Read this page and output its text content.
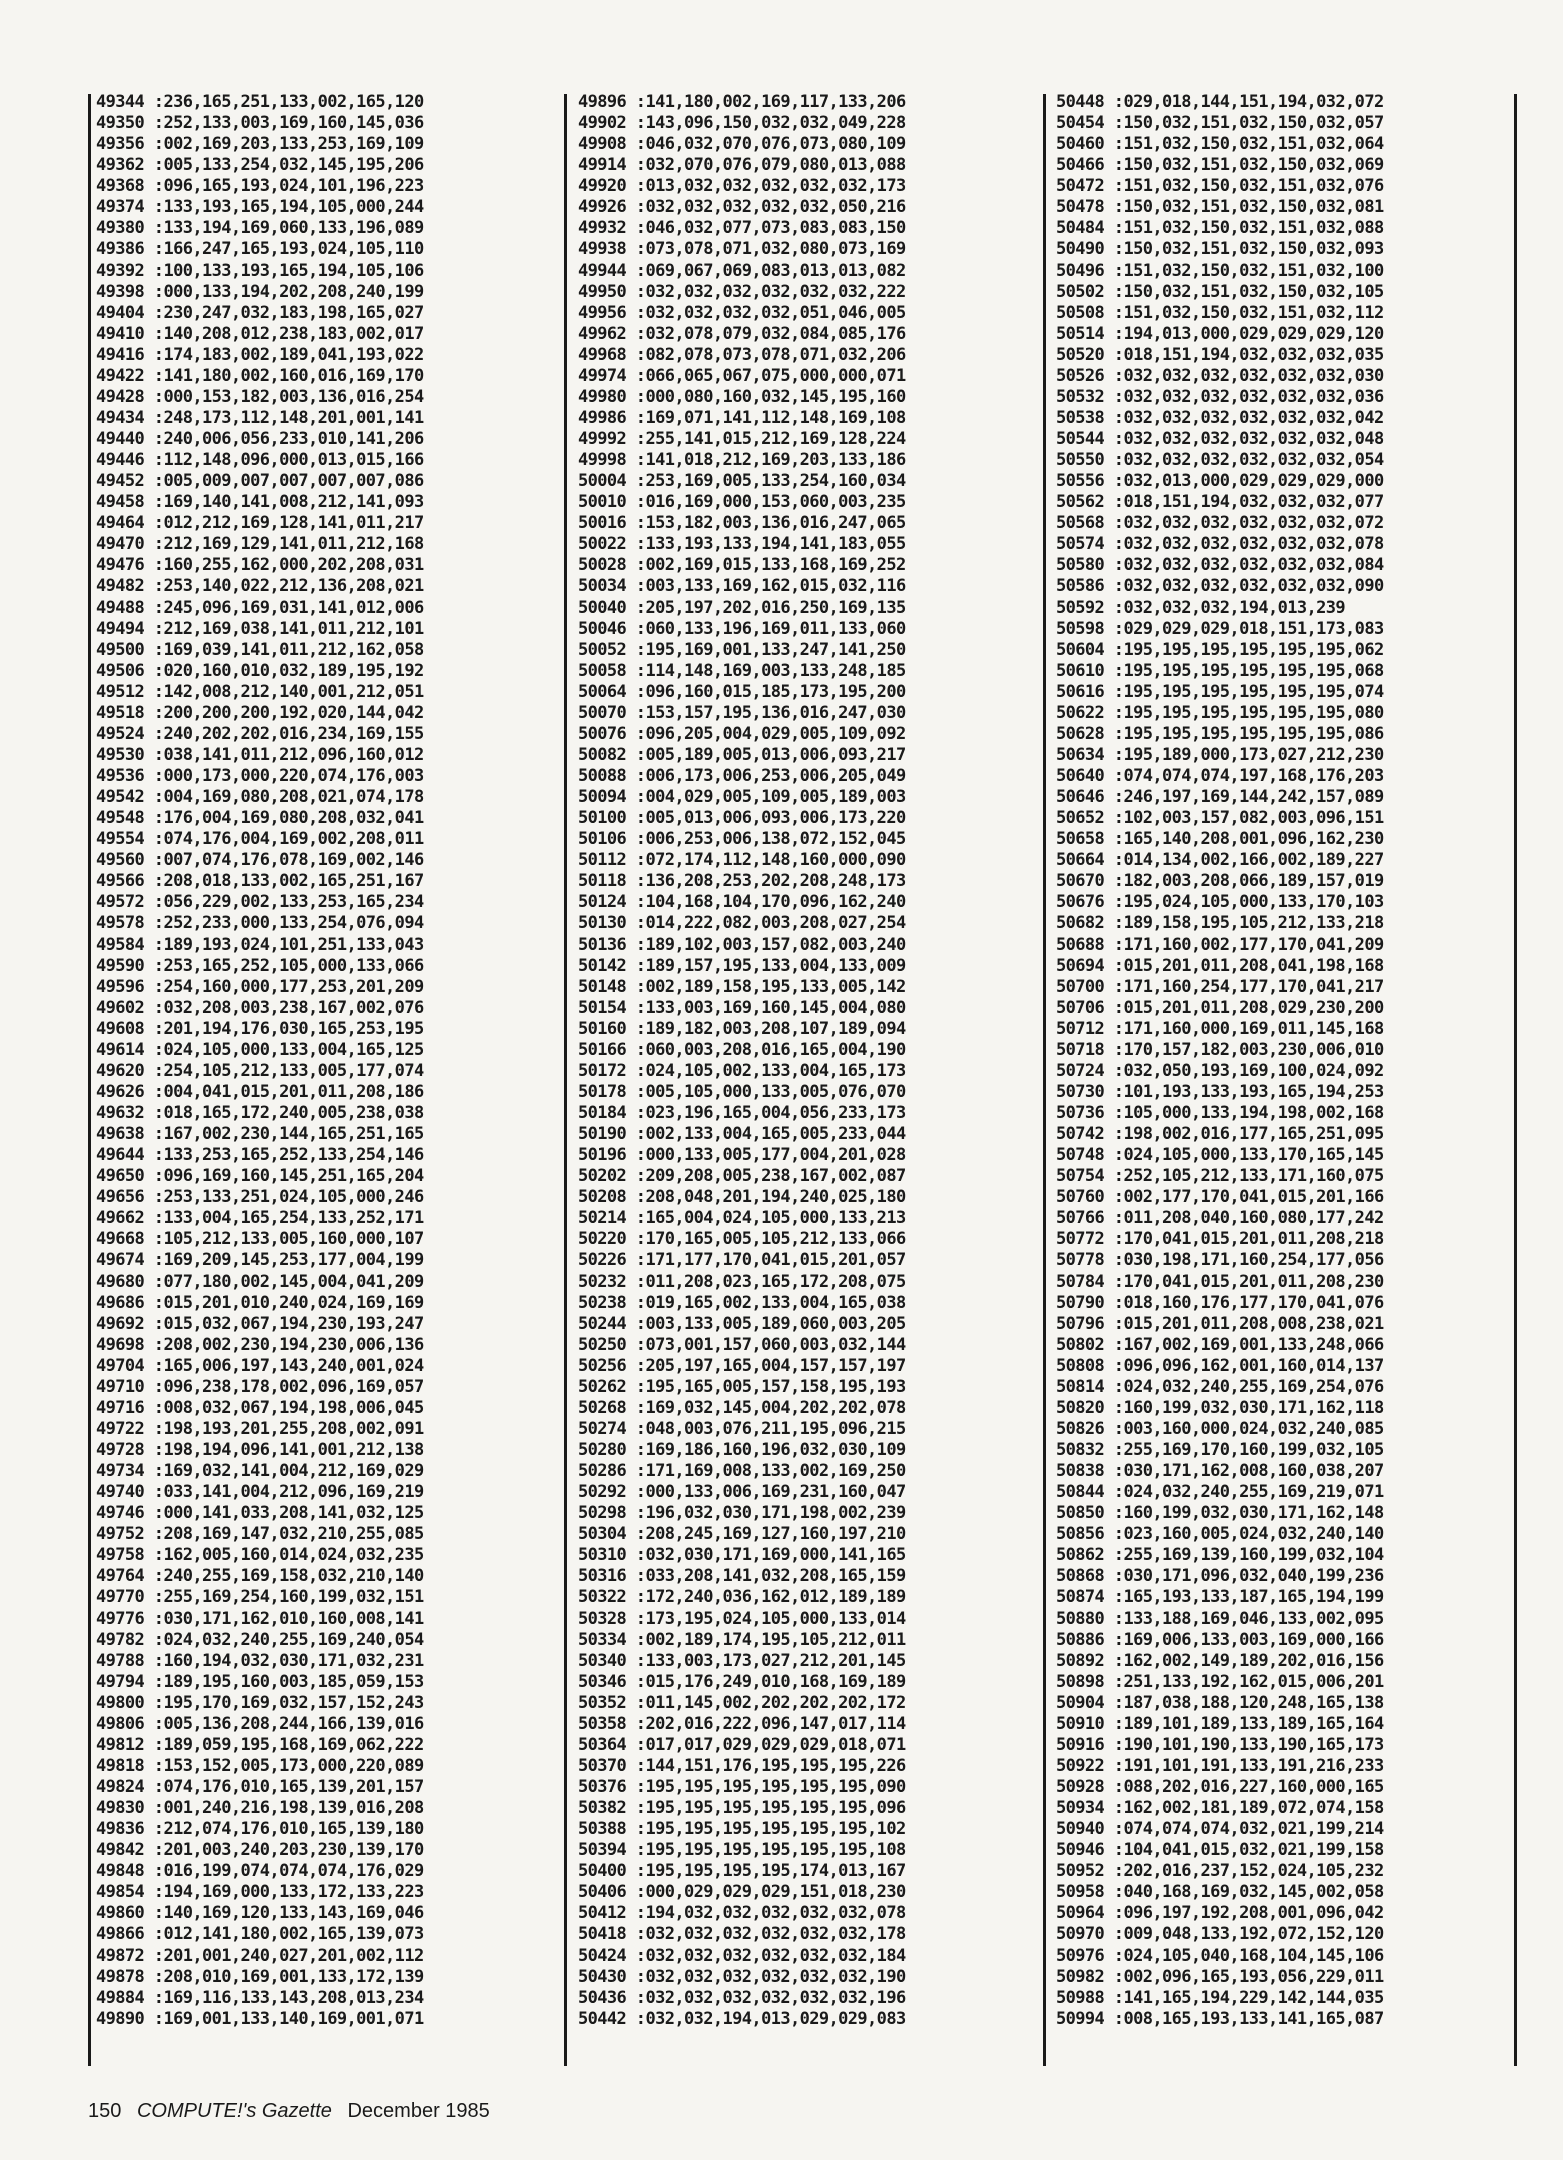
49344 :236,165,251,133,002,165,120
49350 :252,133,003,169,160,145,036
49356 :002,169,203,133,253,169,109
49362 :005,133,254,032,145,195,206
49368 :096,165,193,024,101,196,223
49374 :133,193,165,194,105,000,244
49380 :133,194,169,060,133,196,089
49386 :166,247,165,193,024,105,110
49392 :100,133,193,165,194,105,106
49398 :000,133,194,202,208,240,199
49404 :230,247,032,183,198,165,027
49410 :140,208,012,238,183,002,017
49416 :174,183,002,189,041,193,022
49422 :141,180,002,160,016,169,170
49428 :000,153,182,003,136,016,254
49434 :248,173,112,148,201,001,141
49440 :240,006,056,233,010,141,206
49446 :112,148,096,000,013,015,166
49452 :005,009,007,007,007,007,086
49458 :169,140,141,008,212,141,093
49464 :012,212,169,128,141,011,217
49470 :212,169,129,141,011,212,168
49476 :160,255,162,000,202,208,031
49482 :253,140,022,212,136,208,021
49488 :245,096,169,031,141,012,006
49494 :212,169,038,141,011,212,101
49500 :169,039,141,011,212,162,058
49506 :020,160,010,032,189,195,192
49512 :142,008,212,140,001,212,051
49518 :200,200,200,192,020,144,042
49524 :240,202,202,016,234,169,155
49530 :038,141,011,212,096,160,012
49536 :000,173,000,220,074,176,003
49542 :004,169,080,208,021,074,178
49548 :176,004,169,080,208,032,041
49554 :074,176,004,169,002,208,011
49560 :007,074,176,078,169,002,146
49566 :208,018,133,002,165,251,167
49572 :056,229,002,133,253,165,234
49578 :252,233,000,133,254,076,094
49584 :189,193,024,101,251,133,043
49590 :253,165,252,105,000,133,066
49596 :254,160,000,177,253,201,209
49602 :032,208,003,238,167,002,076
49608 :201,194,176,030,165,253,195
49614 :024,105,000,133,004,165,125
49620 :254,105,212,133,005,177,074
49626 :004,041,015,201,011,208,186
49632 :018,165,172,240,005,238,038
49638 :167,002,230,144,165,251,165
49644 :133,253,165,252,133,254,146
49650 :096,169,160,145,251,165,204
49656 :253,133,251,024,105,000,246
49662 :133,004,165,254,133,252,171
49668 :105,212,133,005,160,000,107
49674 :169,209,145,253,177,004,199
49680 :077,180,002,145,004,041,209
49686 :015,201,010,240,024,169,169
49692 :015,032,067,194,230,193,247
49698 :208,002,230,194,230,006,136
49704 :165,006,197,143,240,001,024
49710 :096,238,178,002,096,169,057
49716 :008,032,067,194,198,006,045
49722 :198,193,201,255,208,002,091
49728 :198,194,096,141,001,212,138
49734 :169,032,141,004,212,169,029
49740 :033,141,004,212,096,169,219
49746 :000,141,033,208,141,032,125
49752 :208,169,147,032,210,255,085
49758 :162,005,160,014,024,032,235
49764 :240,255,169,158,032,210,140
49770 :255,169,254,160,199,032,151
49776 :030,171,162,010,160,008,141
49782 :024,032,240,255,169,240,054
49788 :160,194,032,030,171,032,231
49794 :189,195,160,003,185,059,153
49800 :195,170,169,032,157,152,243
49806 :005,136,208,244,166,139,016
49812 :189,059,195,168,169,062,222
49818 :153,152,005,173,000,220,089
49824 :074,176,010,165,139,201,157
49830 :001,240,216,198,139,016,208
49836 :212,074,176,010,165,139,180
49842 :201,003,240,203,230,139,170
49848 :016,199,074,074,074,176,029
49854 :194,169,000,133,172,133,223
49860 :140,169,120,133,143,169,046
49866 :012,141,180,002,165,139,073
49872 :201,001,240,027,201,002,112
49878 :208,010,169,001,133,172,139
49884 :169,116,133,143,208,013,234
49890 :169,001,133,140,169,001,071
49896 :141,180,002,169,117,133,206
49902 :143,096,150,032,032,049,228
49908 :046,032,070,076,073,080,109
49914 :032,070,076,079,080,013,088
49920 :013,032,032,032,032,032,173
49926 :032,032,032,032,032,050,216
49932 :046,032,077,073,083,083,150
49938 :073,078,071,032,080,073,169
49944 :069,067,069,083,013,013,082
49950 :032,032,032,032,032,032,222
49956 :032,032,032,032,051,046,005
49962 :032,078,079,032,084,085,176
49968 :082,078,073,078,071,032,206
49974 :066,065,067,075,000,000,071
49980 :000,080,160,032,145,195,160
49986 :169,071,141,112,148,169,108
49992 :255,141,015,212,169,128,224
49998 :141,018,212,169,203,133,186
50004 :253,169,005,133,254,160,034
50010 :016,169,000,153,060,003,235
50016 :153,182,003,136,016,247,065
50022 :133,193,133,194,141,183,055
50028 :002,169,015,133,168,169,252
50034 :003,133,169,162,015,032,116
50040 :205,197,202,016,250,169,135
50046 :060,133,196,169,011,133,060
50052 :195,169,001,133,247,141,250
50058 :114,148,169,003,133,248,185
50064 :096,160,015,185,173,195,200
50070 :153,157,195,136,016,247,030
50076 :096,205,004,029,005,109,092
50082 :005,189,005,013,006,093,217
50088 :006,173,006,253,006,205,049
50094 :004,029,005,109,005,189,003
50100 :005,013,006,093,006,173,220
50106 :006,253,006,138,072,152,045
50112 :072,174,112,148,160,000,090
50118 :136,208,253,202,208,248,173
50124 :104,168,104,170,096,162,240
50130 :014,222,082,003,208,027,254
50136 :189,102,003,157,082,003,240
50142 :189,157,195,133,004,133,009
50148 :002,189,158,195,133,005,142
50154 :133,003,169,160,145,004,080
50160 :189,182,003,208,107,189,094
50166 :060,003,208,016,165,004,190
50172 :024,105,002,133,004,165,173
50178 :005,105,000,133,005,076,070
50184 :023,196,165,004,056,233,173
50190 :002,133,004,165,005,233,044
50196 :000,133,005,177,004,201,028
50202 :209,208,005,238,167,002,087
50208 :208,048,201,194,240,025,180
50214 :165,004,024,105,000,133,213
50220 :170,165,005,105,212,133,066
50226 :171,177,170,041,015,201,057
50232 :011,208,023,165,172,208,075
50238 :019,165,002,133,004,165,038
50244 :003,133,005,189,060,003,205
50250 :073,001,157,060,003,032,144
50256 :205,197,165,004,157,157,197
50262 :195,165,005,157,158,195,193
50268 :169,032,145,004,202,202,078
50274 :048,003,076,211,195,096,215
50280 :169,186,160,196,032,030,109
50286 :171,169,008,133,002,169,250
50292 :000,133,006,169,231,160,047
50298 :196,032,030,171,198,002,239
50304 :208,245,169,127,160,197,210
50310 :032,030,171,169,000,141,165
50316 :033,208,141,032,208,165,159
50322 :172,240,036,162,012,189,189
50328 :173,195,024,105,000,133,014
50334 :002,189,174,195,105,212,011
50340 :133,003,173,027,212,201,145
50346 :015,176,249,010,168,169,189
50352 :011,145,002,202,202,202,172
50358 :202,016,222,096,147,017,114
50364 :017,017,029,029,029,018,071
50370 :144,151,176,195,195,195,226
50376 :195,195,195,195,195,195,090
50382 :195,195,195,195,195,195,096
50388 :195,195,195,195,195,195,102
50394 :195,195,195,195,195,195,108
50400 :195,195,195,195,174,013,167
50406 :000,029,029,029,151,018,230
50412 :194,032,032,032,032,032,078
50418 :032,032,032,032,032,032,178
50424 :032,032,032,032,032,032,184
50430 :032,032,032,032,032,032,190
50436 :032,032,032,032,032,032,196
50442 :032,032,194,013,029,029,083
50448 :029,018,144,151,194,032,072
50454 :150,032,151,032,150,032,057
50460 :151,032,150,032,151,032,064
50466 :150,032,151,032,150,032,069
50472 :151,032,150,032,151,032,076
50478 :150,032,151,032,150,032,081
50484 :151,032,150,032,151,032,088
50490 :150,032,151,032,150,032,093
50496 :151,032,150,032,151,032,100
50502 :150,032,151,032,150,032,105
50508 :151,032,150,032,151,032,112
50514 :194,013,000,029,029,029,120
50520 :018,151,194,032,032,032,035
50526 :032,032,032,032,032,032,030
50532 :032,032,032,032,032,032,036
50538 :032,032,032,032,032,032,042
50544 :032,032,032,032,032,032,048
50550 :032,032,032,032,032,032,054
50556 :032,013,000,029,029,029,000
50562 :018,151,194,032,032,032,077
50568 :032,032,032,032,032,032,072
50574 :032,032,032,032,032,032,078
50580 :032,032,032,032,032,032,084
50586 :032,032,032,032,032,032,090
50592 :032,032,032,194,013,239
50598 :029,029,029,018,151,173,083
50604 :195,195,195,195,195,195,062
50610 :195,195,195,195,195,195,068
50616 :195,195,195,195,195,195,074
50622 :195,195,195,195,195,195,080
50628 :195,195,195,195,195,195,086
50634 :195,189,000,173,027,212,230
50640 :074,074,074,197,168,176,203
50646 :246,197,169,144,242,157,089
50652 :102,003,157,082,003,096,151
50658 :165,140,208,001,096,162,230
50664 :014,134,002,166,002,189,227
50670 :182,003,208,066,189,157,019
50676 :195,024,105,000,133,170,103
50682 :189,158,195,105,212,133,218
50688 :171,160,002,177,170,041,209
50694 :015,201,011,208,041,198,168
50700 :171,160,254,177,170,041,217
50706 :015,201,011,208,029,230,200
50712 :171,160,000,169,011,145,168
50718 :170,157,182,003,230,006,010
50724 :032,050,193,169,100,024,092
50730 :101,193,133,193,165,194,253
50736 :105,000,133,194,198,002,168
50742 :198,002,016,177,165,251,095
50748 :024,105,000,133,170,165,145
50754 :252,105,212,133,171,160,075
50760 :002,177,170,041,015,201,166
50766 :011,208,040,160,080,177,242
50772 :170,041,015,201,011,208,218
50778 :030,198,171,160,254,177,056
50784 :170,041,015,201,011,208,230
50790 :018,160,176,177,170,041,076
50796 :015,201,011,208,008,238,021
50802 :167,002,169,001,133,248,066
50808 :096,096,162,001,160,014,137
50814 :024,032,240,255,169,254,076
50820 :160,199,032,030,171,162,118
50826 :003,160,000,024,032,240,085
50832 :255,169,170,160,199,032,105
50838 :030,171,162,008,160,038,207
50844 :024,032,240,255,169,219,071
50850 :160,199,032,030,171,162,148
50856 :023,160,005,024,032,240,140
50862 :255,169,139,160,199,032,104
50868 :030,171,096,032,040,199,236
50874 :165,193,133,187,165,194,199
50880 :133,188,169,046,133,002,095
50886 :169,006,133,003,169,000,166
50892 :162,002,149,189,202,016,156
50898 :251,133,192,162,015,006,201
50904 :187,038,188,120,248,165,138
50910 :189,101,189,133,189,165,164
50916 :190,101,190,133,190,165,173
50922 :191,101,191,133,191,216,233
50928 :088,202,016,227,160,000,165
50934 :162,002,181,189,072,074,158
50940 :074,074,074,032,021,199,214
50946 :104,041,015,032,021,199,158
50952 :202,016,237,152,024,105,232
50958 :040,168,169,032,145,002,058
50964 :096,197,192,208,001,096,042
50970 :009,048,133,192,072,152,120
50976 :024,105,040,168,104,145,106
50982 :002,096,165,193,056,229,011
50988 :141,165,194,229,142,144,035
50994 :008,165,193,133,141,165,087
150 COMPUTE!'s Gazette December 1985
